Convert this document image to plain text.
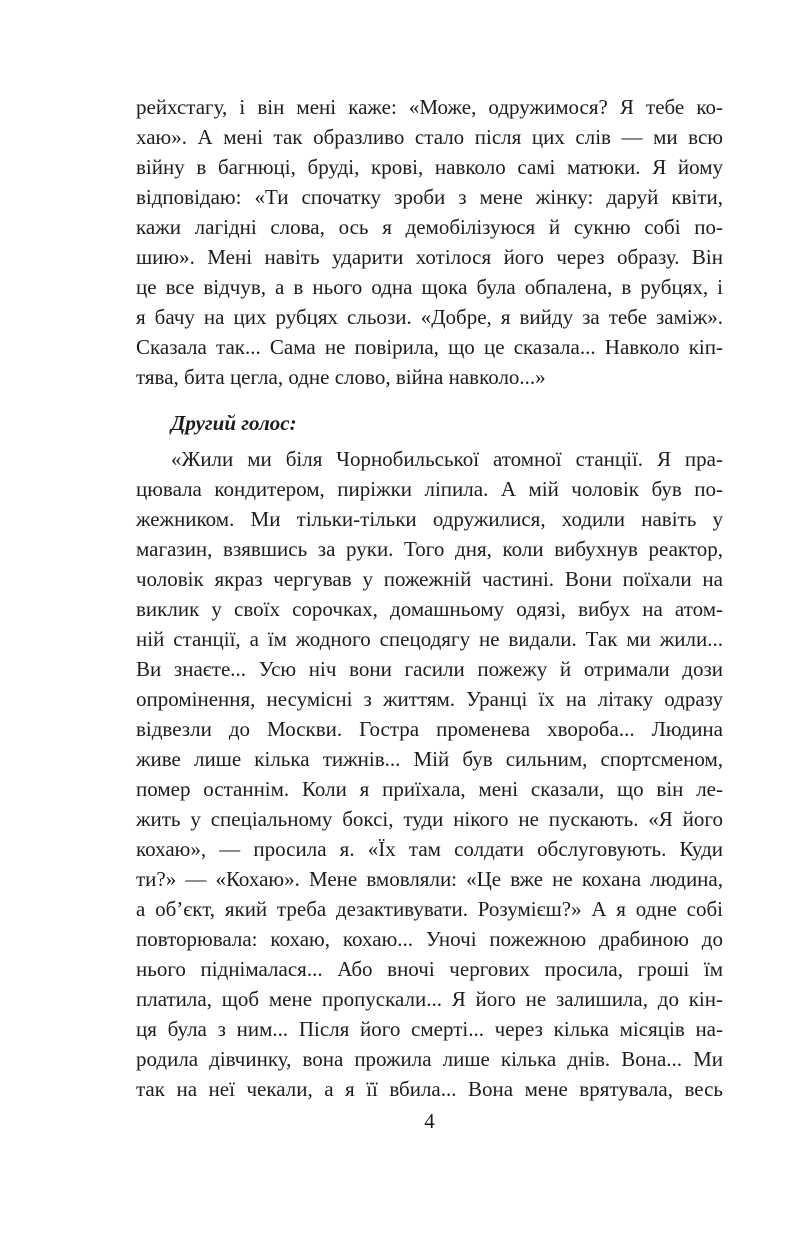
рейхстагу, і він мені каже: «Може, одружимося? Я тебе ко-
хаю». А мені так образливо стало після цих слів — ми всю
війну в багнюці, бруді, крові, навколо самі матюки. Я йому
відповідаю: «Ти спочатку зроби з мене жінку: даруй квіти,
кажи лагідні слова, ось я демобілізуюся й сукню собі по-
шию». Мені навіть ударити хотілося його через образу. Він
це все відчув, а в нього одна щока була обпалена, в рубцях, і
я бачу на цих рубцях сльози. «Добре, я вийду за тебе заміж».
Сказала так... Сама не повірила, що це сказала... Навколо кіп-
тява, бита цегла, одне слово, війна навколо...»
Другий голос:
«Жили ми біля Чорнобильської атомної станції. Я пра-
цювала кондитером, пиріжки ліпила. А мій чоловік був по-
жежником. Ми тільки-тільки одружилися, ходили навіть у
магазин, взявшись за руки. Того дня, коли вибухнув реактор,
чоловік якраз чергував у пожежній частині. Вони поїхали на
виклик у своїх сорочках, домашньому одязі, вибух на атом-
ній станції, а їм жодного спецодягу не видали. Так ми жили...
Ви знаєте... Усю ніч вони гасили пожежу й отримали дози
опромінення, несумісні з життям. Уранці їх на літаку одразу
відвезли до Москви. Гостра променева хвороба... Людина
живе лише кілька тижнів... Мій був сильним, спортсменом,
помер останнім. Коли я приїхала, мені сказали, що він ле-
жить у спеціальному боксі, туди нікого не пускають. «Я його
кохаю», — просила я. «Їх там солдати обслуговують. Куди
ти?» — «Кохаю». Мене вмовляли: «Це вже не кохана людина,
а об’єкт, який треба дезактивувати. Розумієш?» А я одне собі
повторювала: кохаю, кохаю... Уночі пожежною драбиною до
нього піднімалася... Або вночі чергових просила, гроші їм
платила, щоб мене пропускали... Я його не залишила, до кін-
ця була з ним... Після його смерті... через кілька місяців на-
родила дівчинку, вона прожила лише кілька днів. Вона... Ми
так на неї чекали, а я її вбила... Вона мене врятувала, весь
4
